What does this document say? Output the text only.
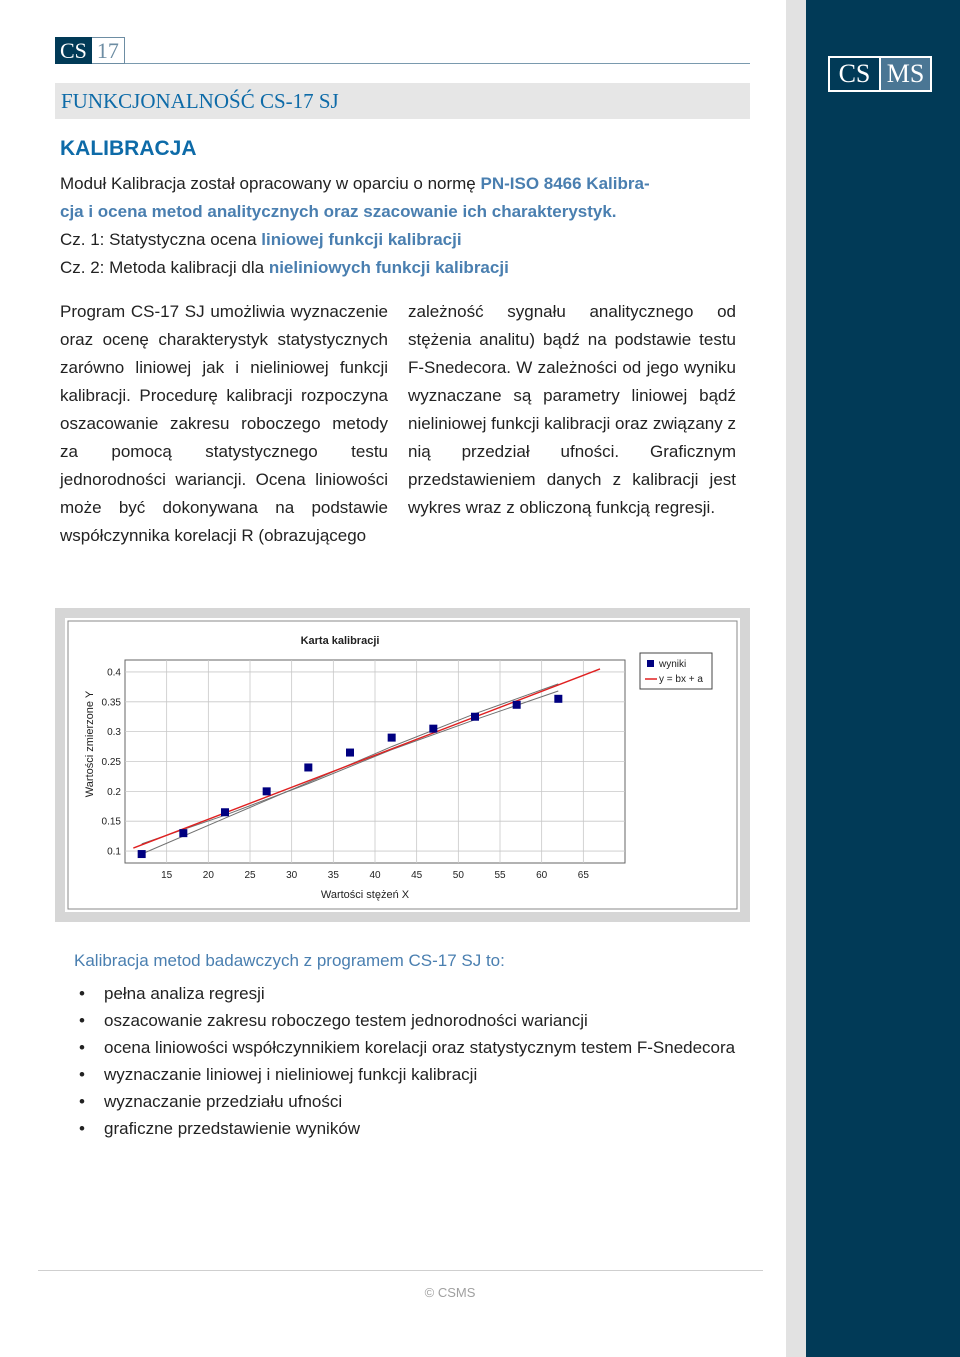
CS MS
CS 17
FUNKCJONALNOŚĆ CS-17 SJ
KALIBRACJA
Moduł Kalibracja został opracowany w oparciu o normę PN-ISO 8466 Kalibra-
cja i ocena metod analitycznych oraz szacowanie ich charakterystyk.
Cz. 1: Statystyczna ocena liniowej funkcji kalibracji
Cz. 2: Metoda kalibracji dla nieliniowych funkcji kalibracji
Program CS-17 SJ umożliwia wyznaczenie oraz ocenę charakterystyk statystycznych zarówno liniowej jak i nieliniowej funkcji kalibracji. Procedurę kalibracji rozpoczyna oszacowanie zakresu roboczego metody za pomocą statystycznego testu jednorodności wariancji. Ocena liniowości może być dokonywana na podstawie współczynnika korelacji R (obrazującego
zależność sygnału analitycznego od stężenia analitu) bądź na podstawie testu F-Snedecora. W zależności od jego wyniku wyznaczane są parametry liniowej bądź nieliniowej funkcji kalibracji oraz związany z nią przedział ufności. Graficznym przedstawieniem danych z kalibracji jest wykres wraz z obliczoną funkcją regresji.
15	20	25	30	35	40	45	50	55	60	65
0.1
0.15
0.2
0.25
0.3
0.35
0.4
Karta kalibracji
Wartości stężeń X
Wartości zmierzone Y
wyniki
y = bx + a
Kalibracja metod badawczych z programem CS-17 SJ to:
• pełna analiza regresji
• oszacowanie zakresu roboczego testem jednorodności wariancji
• ocena liniowości współczynnikiem korelacji oraz statystycznym testem F-Snedecora
• wyznaczanie liniowej i nieliniowej funkcji kalibracji
• wyznaczanie przedziału ufności
• graficzne przedstawienie wyników
© CSMS
